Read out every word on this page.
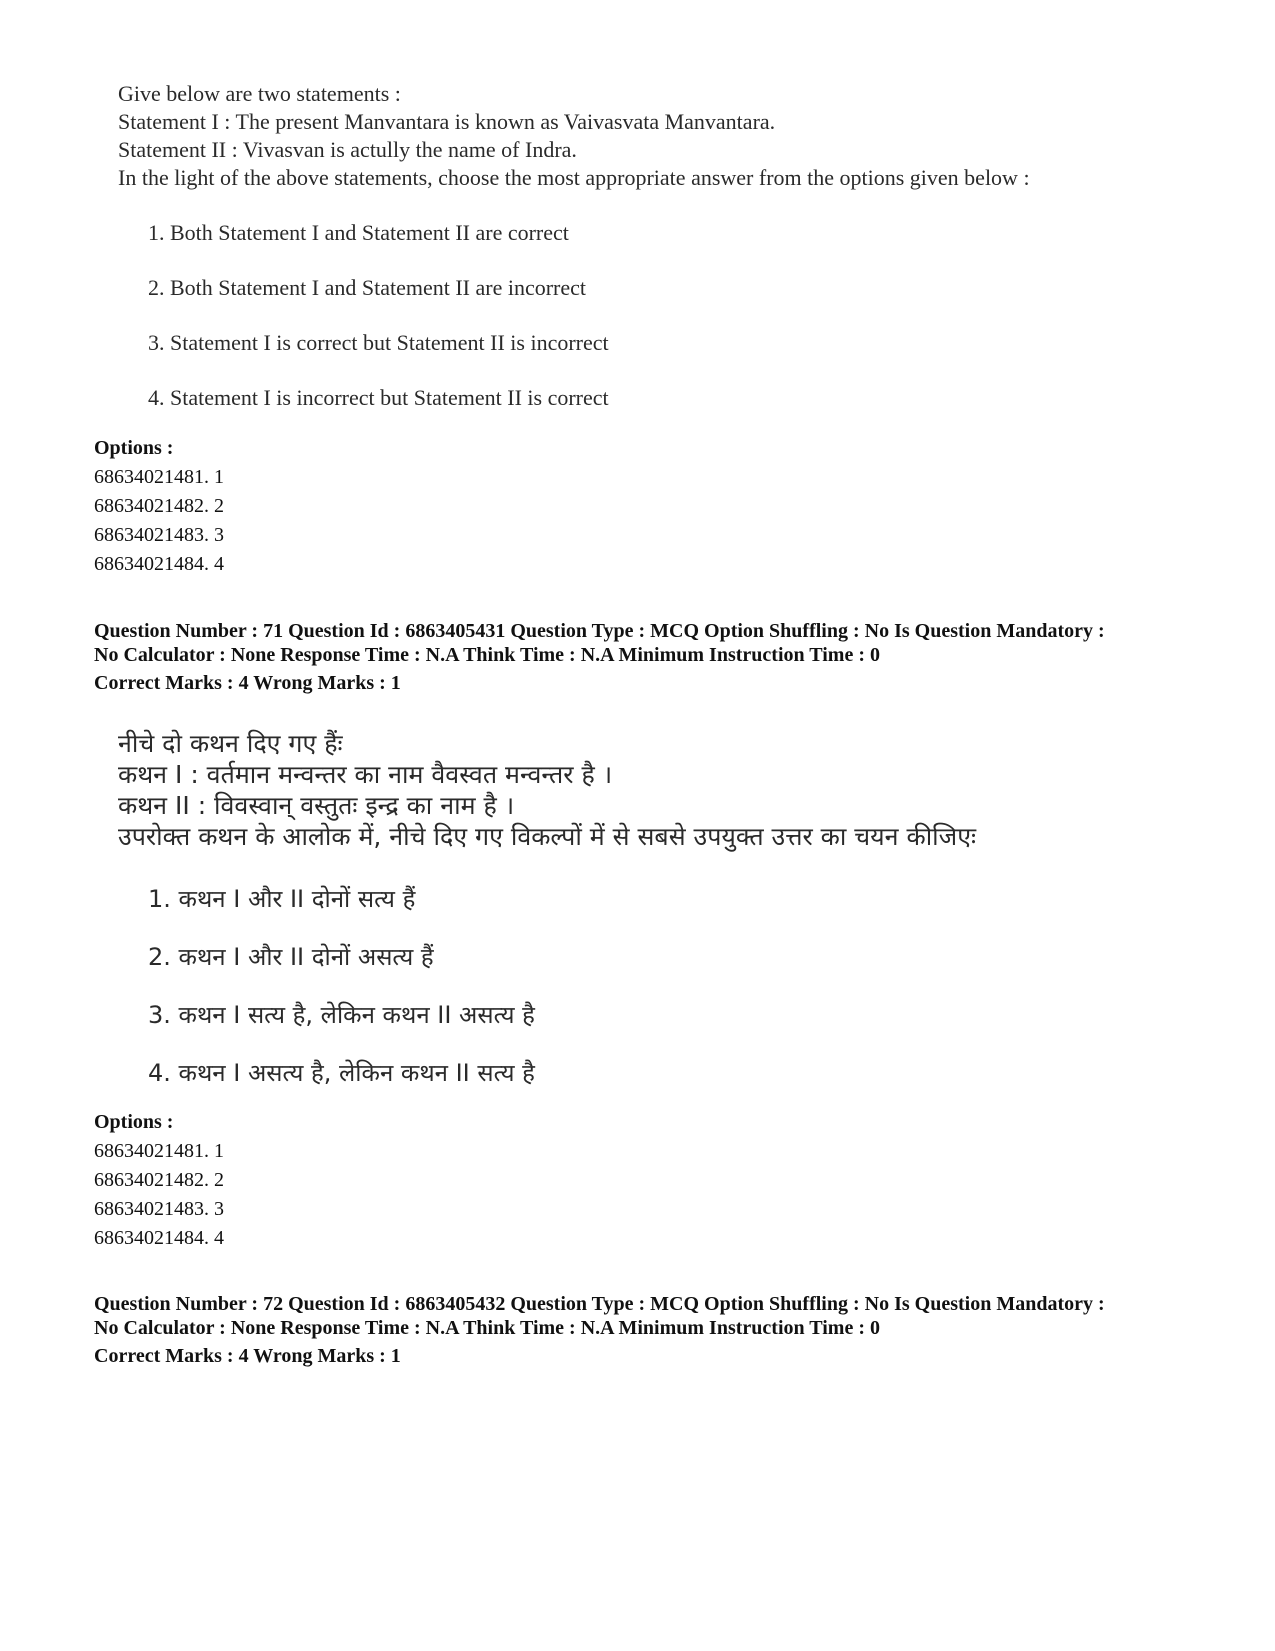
Give below are two statements :
Statement I : The present Manvantara is known as Vaivasvata Manvantara.
Statement II : Vivasvan is actully the name of Indra.
In the light of the above statements, choose the most appropriate answer from the options given below :
1. Both Statement I and Statement II are correct
2. Both Statement I and Statement II are incorrect
3. Statement I is correct but Statement II is incorrect
4. Statement I is incorrect but Statement II is correct
Options :
68634021481. 1
68634021482. 2
68634021483. 3
68634021484. 4
Question Number : 71 Question Id : 6863405431 Question Type : MCQ Option Shuffling : No Is Question Mandatory :
No Calculator : None Response Time : N.A Think Time : N.A Minimum Instruction Time : 0
Correct Marks : 4 Wrong Marks : 1
नीचे दो कथन दिए गए हैंः
कथन I : वर्तमान मन्वन्तर का नाम वैवस्वत मन्वन्तर है ।
कथन II : विवस्वान् वस्तुतः इन्द्र का नाम है ।
उपरोक्त कथन के आलोक में, नीचे दिए गए विकल्पों में से सबसे उपयुक्त उत्तर का चयन कीजिएः
1. कथन I और II दोनों सत्य हैं
2. कथन I और II दोनों असत्य हैं
3. कथन I सत्य है, लेकिन कथन II असत्य है
4. कथन I असत्य है, लेकिन कथन II सत्य है
Options :
68634021481. 1
68634021482. 2
68634021483. 3
68634021484. 4
Question Number : 72 Question Id : 6863405432 Question Type : MCQ Option Shuffling : No Is Question Mandatory :
No Calculator : None Response Time : N.A Think Time : N.A Minimum Instruction Time : 0
Correct Marks : 4 Wrong Marks : 1
